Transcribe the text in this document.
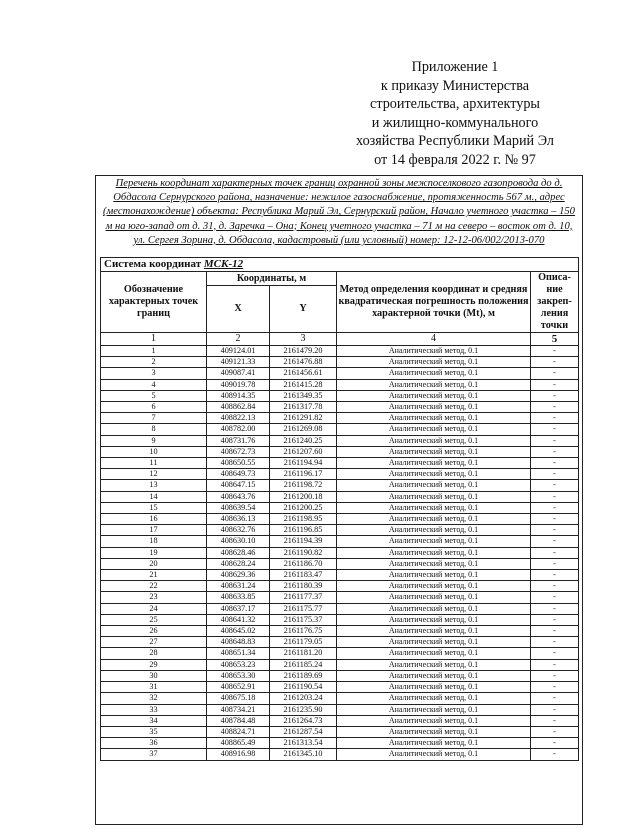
Приложение 1
к приказу Министерства
строительства, архитектуры
и жилищно-коммунального
хозяйства Республики Марий Эл
от 14 февраля 2022 г. № 97
Перечень координат характерных точек границ охранной зоны межпоселкового газопровода до д. Обдасола Сернурского района, назначение: нежилое газоснабжение, протяженность 567 м., адрес (местонахождение) объекта: Республика Марий Эл, Сернурский район, Начало учетного участка – 150 м на юго-запад от д. 31, д. Заречка – Она; Конец учетного участка – 71 м на северо – восток от д. 10, ул. Сергея Зорина, д. Обдасола, кадастровый (или условный) номер: 12-12-06/002/2013-070
Система координат МСК-12				
Обозначение характерных точек границ	Координаты, м		Метод определения координат и средняя квадратическая погрешность положения характерной точки (Mt), м	Описа-ние закреп-ления точки
	X	Y		
1	2	3	4	5
1	409124.01	2161479.20	Аналитический метод, 0.1	-
2	409121.33	2161476.88	Аналитический метод, 0.1	-
3	409087.41	2161456.61	Аналитический метод, 0.1	-
4	409019.78	2161415.28	Аналитический метод, 0.1	-
5	408914.35	2161349.35	Аналитический метод, 0.1	-
6	408862.84	2161317.78	Аналитический метод, 0.1	-
7	408822.13	2161291.82	Аналитический метод, 0.1	-
8	408782.00	2161269.08	Аналитический метод, 0.1	-
9	408731.76	2161240.25	Аналитический метод, 0.1	-
10	408672.73	2161207.60	Аналитический метод, 0.1	-
11	408650.55	2161194.94	Аналитический метод, 0.1	-
12	408649.73	2161196.17	Аналитический метод, 0.1	-
13	408647.15	2161198.72	Аналитический метод, 0.1	-
14	408643.76	2161200.18	Аналитический метод, 0.1	-
15	408639.54	2161200.25	Аналитический метод, 0.1	-
16	408636.13	2161198.95	Аналитический метод, 0.1	-
17	408632.76	2161196.85	Аналитический метод, 0.1	-
18	408630.10	2161194.39	Аналитический метод, 0.1	-
19	408628.46	2161190.82	Аналитический метод, 0.1	-
20	408628.24	2161186.70	Аналитический метод, 0.1	-
21	408629.36	2161183.47	Аналитический метод, 0.1	-
22	408631.24	2161180.39	Аналитический метод, 0.1	-
23	408633.85	2161177.37	Аналитический метод, 0.1	-
24	408637.17	2161175.77	Аналитический метод, 0.1	-
25	408641.32	2161175.37	Аналитический метод, 0.1	-
26	408645.02	2161176.75	Аналитический метод, 0.1	-
27	408648.83	2161179.05	Аналитический метод, 0.1	-
28	408651.34	2161181.20	Аналитический метод, 0.1	-
29	408653.23	2161185.24	Аналитический метод, 0.1	-
30	408653.30	2161189.69	Аналитический метод, 0.1	-
31	408652.91	2161190.54	Аналитический метод, 0.1	-
32	408675.18	2161203.24	Аналитический метод, 0.1	-
33	408734.21	2161235.90	Аналитический метод, 0.1	-
34	408784.48	2161264.73	Аналитический метод, 0.1	-
35	408824.71	2161287.54	Аналитический метод, 0.1	-
36	408865.49	2161313.54	Аналитический метод, 0.1	-
37	408916.98	2161345.10	Аналитический метод, 0.1	-
